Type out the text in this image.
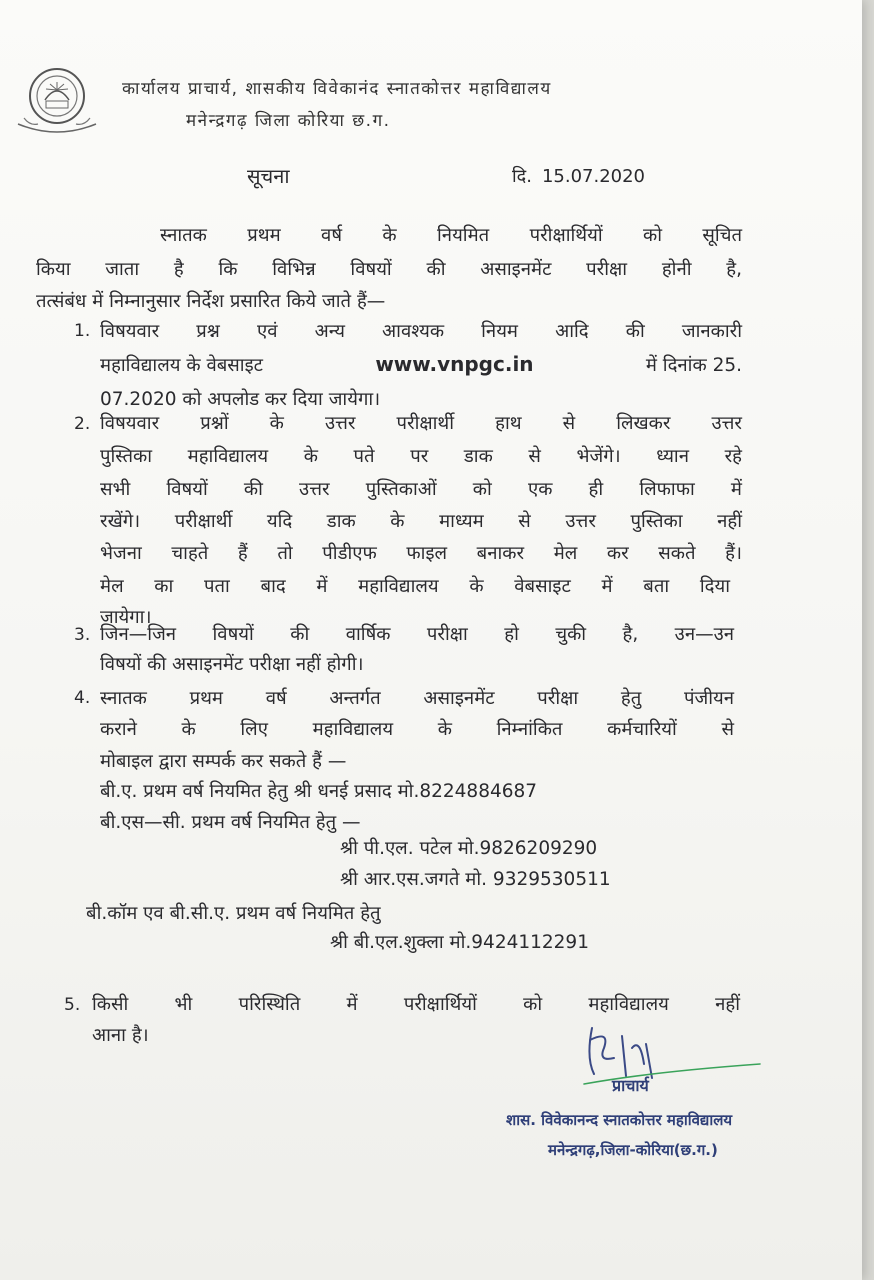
कार्यालय प्राचार्य, शासकीय विवेकानंद स्नातकोत्तर महाविद्यालय
मनेन्द्रगढ़ जिला कोरिया छ.ग.
सूचना	दि. 15.07.2020
स्नातक प्रथम वर्ष के नियमित परीक्षार्थियों को सूचित
किया जाता है कि विभिन्न विषयों की असाइनमेंट परीक्षा होनी है,
तत्संबंध में निम्नानुसार निर्देश प्रसारित किये जाते हैं—
1. विषयवार प्रश्न एवं अन्य आवश्यक नियम आदि की जानकारी
महाविद्यालय के वेबसाइट	www.vnpgc.in	में दिनांक 25.
07.2020 को अपलोड कर दिया जायेगा।
2. विषयवार प्रश्नों के उत्तर परीक्षार्थी हाथ से लिखकर उत्तर
पुस्तिका महाविद्यालय के पते पर डाक से भेजेंगे। ध्यान रहे
सभी विषयों की उत्तर पुस्तिकाओं को एक ही लिफाफा में
रखेंगे। परीक्षार्थी यदि डाक के माध्यम से उत्तर पुस्तिका नहीं
भेजना चाहते हैं तो पीडीएफ फाइल बनाकर मेल कर सकते हैं।
मेल का पता बाद में महाविद्यालय के वेबसाइट में बता दिया
जायेगा।
3. जिन—जिन विषयों की वार्षिक परीक्षा हो चुकी है, उन—उन
विषयों की असाइनमेंट परीक्षा नहीं होगी।
4. स्नातक प्रथम वर्ष अन्तर्गत असाइनमेंट परीक्षा हेतु पंजीयन
कराने के लिए महाविद्यालय के निम्नांकित कर्मचारियों से
मोबाइल द्वारा सम्पर्क कर सकते हैं —
बी.ए. प्रथम वर्ष नियमित हेतु श्री धनई प्रसाद मो.8224884687
बी.एस—सी. प्रथम वर्ष नियमित हेतु —
श्री पी.एल. पटेल मो.9826209290
श्री आर.एस.जगते मो. 9329530511
बी.कॉम एव बी.सी.ए. प्रथम वर्ष नियमित हेतु
श्री बी.एल.शुक्ला मो.9424112291
5. किसी भी परिस्थिति में परीक्षार्थियों को महाविद्यालय नहीं
आना है।
प्राचार्य
शास. विवेकानन्द स्नातकोत्तर महाविद्यालय
मनेन्द्रगढ़,जिला-कोरिया(छ.ग.)
